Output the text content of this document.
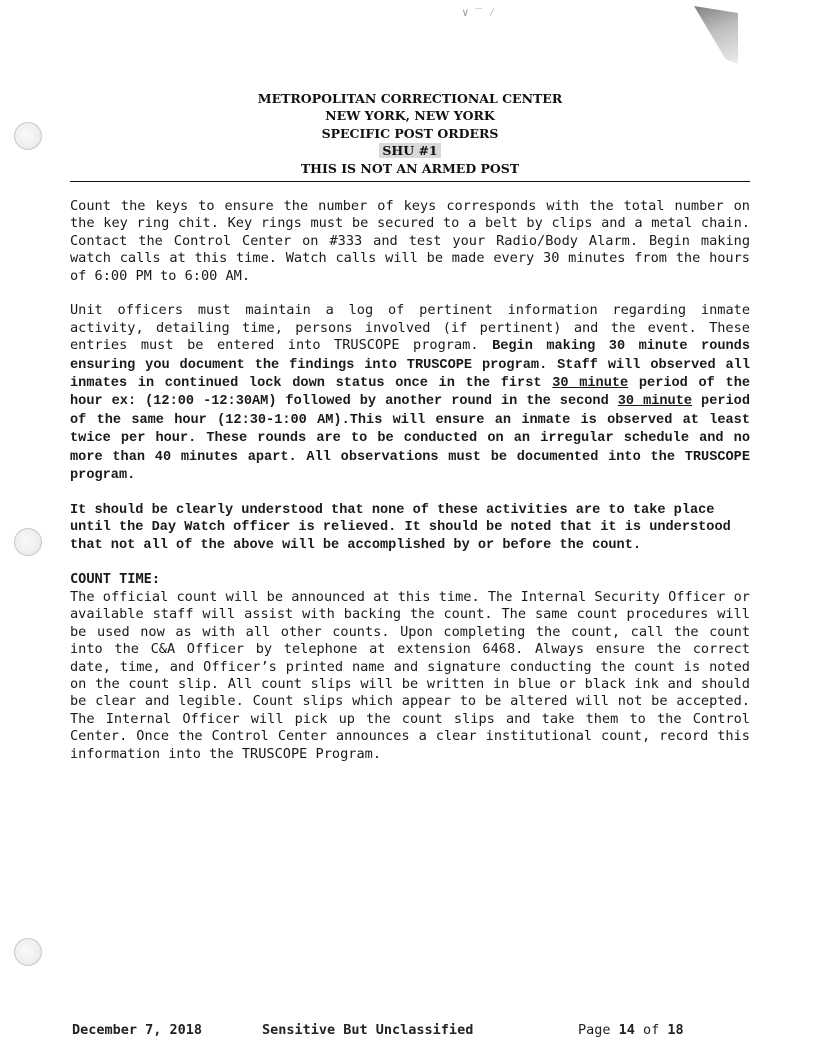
∨ ‾ ⁄
METROPOLITAN CORRECTIONAL CENTER
NEW YORK, NEW YORK
SPECIFIC POST ORDERS
SHU #1
THIS IS NOT AN ARMED POST

Count the keys to ensure the number of keys corresponds with the total number on the key ring chit. Key rings must be secured to a belt by clips and a metal chain. Contact the Control Center on #333 and test your Radio/Body Alarm. Begin making watch calls at this time. Watch calls will be made every 30 minutes from the hours of 6:00 PM to 6:00 AM.

Unit officers must maintain a log of pertinent information regarding inmate activity, detailing time, persons involved (if pertinent) and the event. These entries must be entered into TRUSCOPE program. Begin making 30 minute rounds ensuring you document the findings into TRUSCOPE program. Staff will observed all inmates in continued lock down status once in the first 30 minute period of the hour ex: (12:00 -12:30AM) followed by another round in the second 30 minute period of the same hour (12:30-1:00 AM).This will ensure an inmate is observed at least twice per hour. These rounds are to be conducted on an irregular schedule and no more than 40 minutes apart. All observations must be documented into the TRUSCOPE program.

It should be clearly understood that none of these activities are to take place until the Day Watch officer is relieved. It should be noted that it is understood that not all of the above will be accomplished by or before the count.

COUNT TIME:

The official count will be announced at this time. The Internal Security Officer or available staff will assist with backing the count. The same count procedures will be used now as with all other counts. Upon completing the count, call the count into the C&A Officer by telephone at extension 6468. Always ensure the correct date, time, and Officer’s printed name and signature conducting the count is noted on the count slip. All count slips will be written in blue or black ink and should be clear and legible. Count slips which appear to be altered will not be accepted. The Internal Officer will pick up the count slips and take them to the Control Center. Once the Control Center announces a clear institutional count, record this information into the TRUSCOPE Program.

December 7, 2018	Sensitive But Unclassified	Page 14 of 18
